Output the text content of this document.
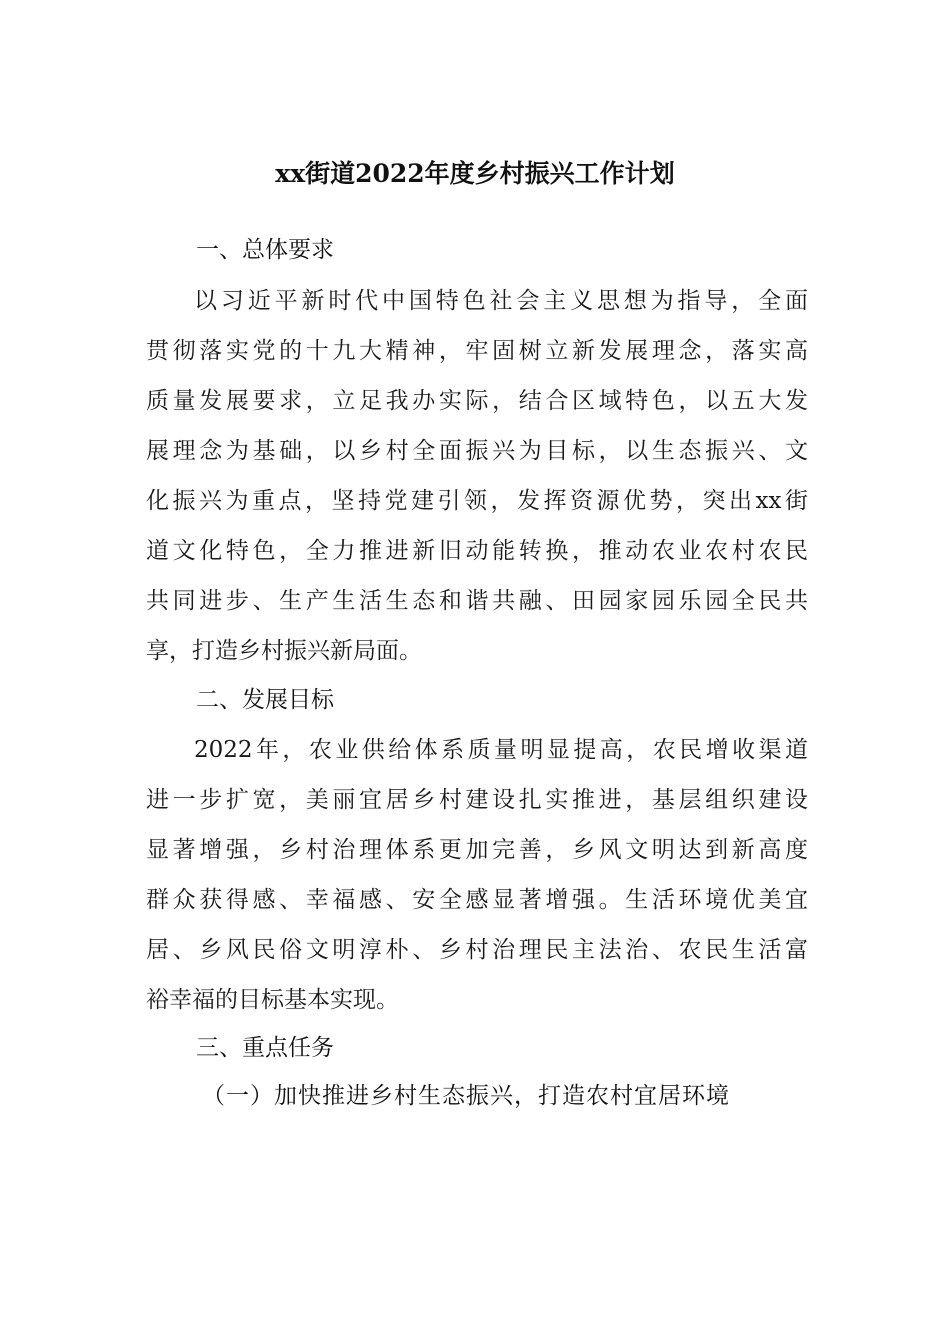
xx街道2022年度乡村振兴工作计划
一、总体要求
以习近平新时代中国特色社会主义思想为指导，全面
贯彻落实党的十九大精神，牢固树立新发展理念，落实高
质量发展要求，立足我办实际，结合区域特色，以五大发
展理念为基础，以乡村全面振兴为目标，以生态振兴、文
化振兴为重点，坚持党建引领，发挥资源优势，突出xx街
道文化特色，全力推进新旧动能转换，推动农业农村农民
共同进步、生产生活生态和谐共融、田园家园乐园全民共
享，打造乡村振兴新局面。
二、发展目标
2022年，农业供给体系质量明显提高，农民增收渠道
进一步扩宽，美丽宜居乡村建设扎实推进，基层组织建设
显著增强，乡村治理体系更加完善，乡风文明达到新高度
群众获得感、幸福感、安全感显著增强。生活环境优美宜
居、乡风民俗文明淳朴、乡村治理民主法治、农民生活富
裕幸福的目标基本实现。
三、重点任务
（一）加快推进乡村生态振兴，打造农村宜居环境
